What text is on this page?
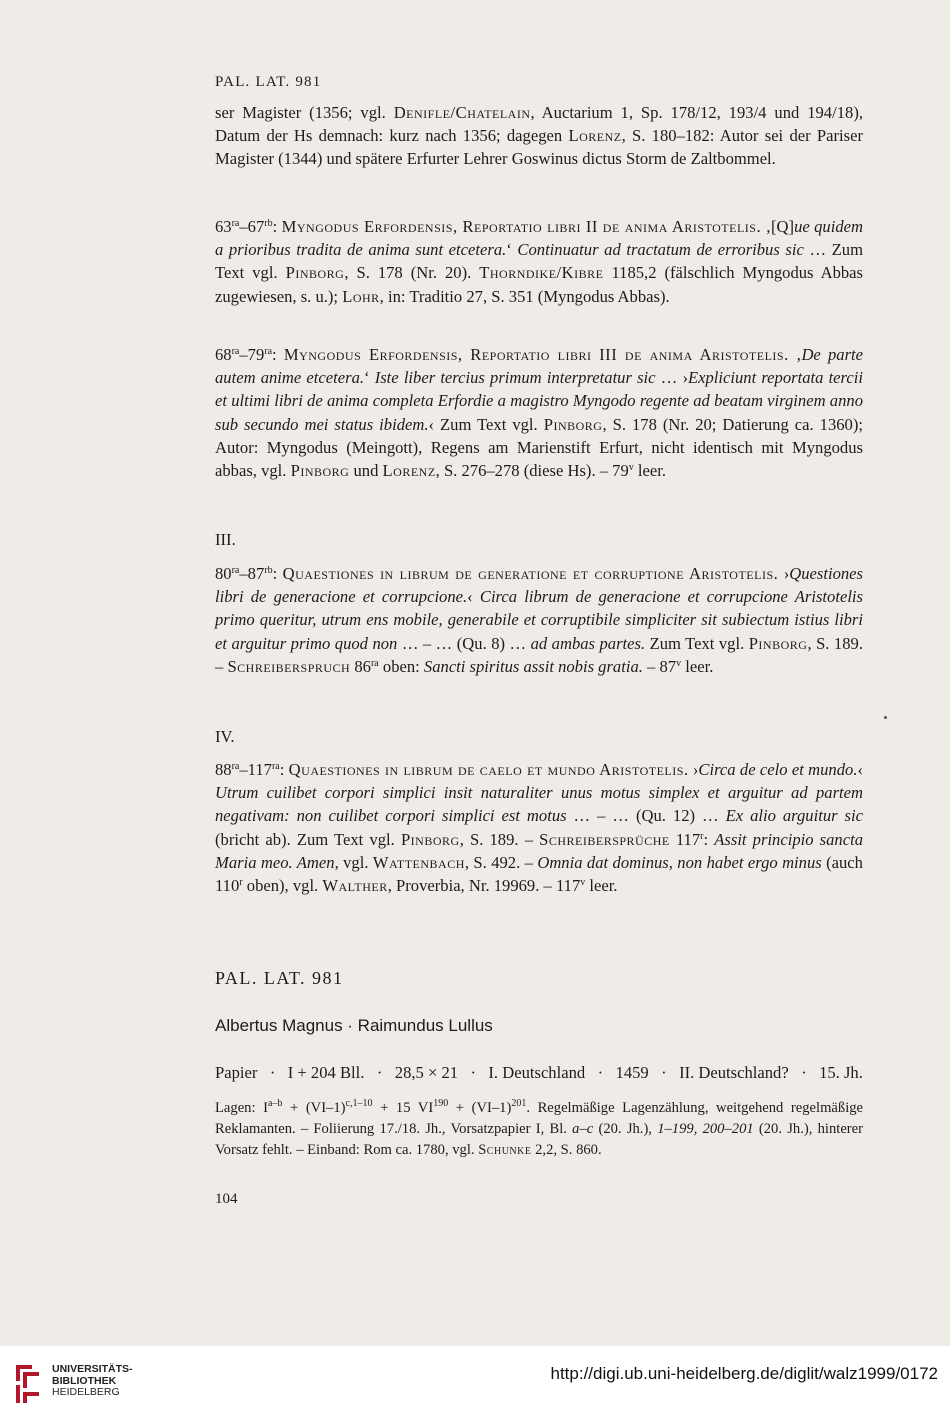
PAL. LAT. 981

ser Magister (1356; vgl. Denifle/Chatelain, Auctarium 1, Sp. 178/12, 193/4 und 194/18), Datum der Hs demnach: kurz nach 1356; dagegen Lorenz, S. 180–182: Autor sei der Pariser Magister (1344) und spätere Erfurter Lehrer Goswinus dictus Storm de Zaltbommel.

$63^{ra}-67^{rb}$: Myngodus Erfordensis, Reportatio libri II de anima Aristotelis. ‚[Q]ue quidem a prioribus tradita de anima sunt etcetera.‘ Continuatur ad tractatum de erroribus sic … Zum Text vgl. Pinborg, S. 178 (Nr. 20). Thorndike/Kibre 1185,2 (fälschlich Myngodus Abbas zugewiesen, s. u.); Lohr, in: Traditio 27, S. 351 (Myngodus Abbas).

$68^{ra}-79^{ra}$: Myngodus Erfordensis, Reportatio libri III de anima Aristotelis. ‚De parte autem anime etcetera.‘ Iste liber tercius primum interpretatur sic … ›Expliciunt reportata tercii et ultimi libri de anima completa Erfordie a magistro Myngodo regente ad beatam virginem anno sub secundo mei status ibidem.‹ Zum Text vgl. Pinborg, S. 178 (Nr. 20; Datierung ca. 1360); Autor: Myngodus (Meingott), Regens am Marienstift Erfurt, nicht identisch mit Myngodus abbas, vgl. Pinborg und Lorenz, S. 276–278 (diese Hs). – 79$^v$ leer.

III.

$80^{ra}-87^{rb}$: Quaestiones in librum de generatione et corruptione Aristotelis. ›Questiones libri de generacione et corrupcione.‹ Circa librum de generacione et corrupcione Aristotelis primo queritur, utrum ens mobile, generabile et corruptibile simpliciter sit subiectum istius libri et arguitur primo quod non … – … (Qu. 8) … ad ambas partes. Zum Text vgl. Pinborg, S. 189. – Schreiberspruch $86^{ra}$ oben: Sancti spiritus assit nobis gratia. – 87$^v$ leer.

IV.

$88^{ra}-117^{ra}$: Quaestiones in librum de caelo et mundo Aristotelis. ›Circa de celo et mundo.‹ Utrum cuilibet corpori simplici insit naturaliter unus motus simplex et arguitur ad partem negativam: non cuilibet corpori simplici est motus … – … (Qu. 12) … Ex alio arguitur sic (bricht ab). Zum Text vgl. Pinborg, S. 189. – Schreibersprüche 117$^r$: Assit principio sancta Maria meo. Amen, vgl. Wattenbach, S. 492. – Omnia dat dominus, non habet ergo minus (auch 110$^r$ oben), vgl. Walther, Proverbia, Nr. 19969. – 117$^v$ leer.

PAL. LAT. 981
Albertus Magnus · Raimundus Lullus
Papier · I + 204 Bll. · 28,5 × 21 · I. Deutschland · 1459 · II. Deutschland? · 15. Jh.

Lagen: $I^{a-b} + (VI-1)^{c,1-10} + 15$ $VI^{190} + (VI-1)^{201}$. Regelmäßige Lagenzählung, weitgehend regelmäßige Reklamanten. – Foliierung 17./18. Jh., Vorsatzpapier I, Bl. a–c (20. Jh.), 1–199, 200–201 (20. Jh.), hinterer Vorsatz fehlt. – Einband: Rom ca. 1780, vgl. Schunke 2,2, S. 860.

104
UNIVERSITÄTS-
BIBLIOTHEK
HEIDELBERG
http://digi.ub.uni-heidelberg.de/diglit/walz1999/0172
